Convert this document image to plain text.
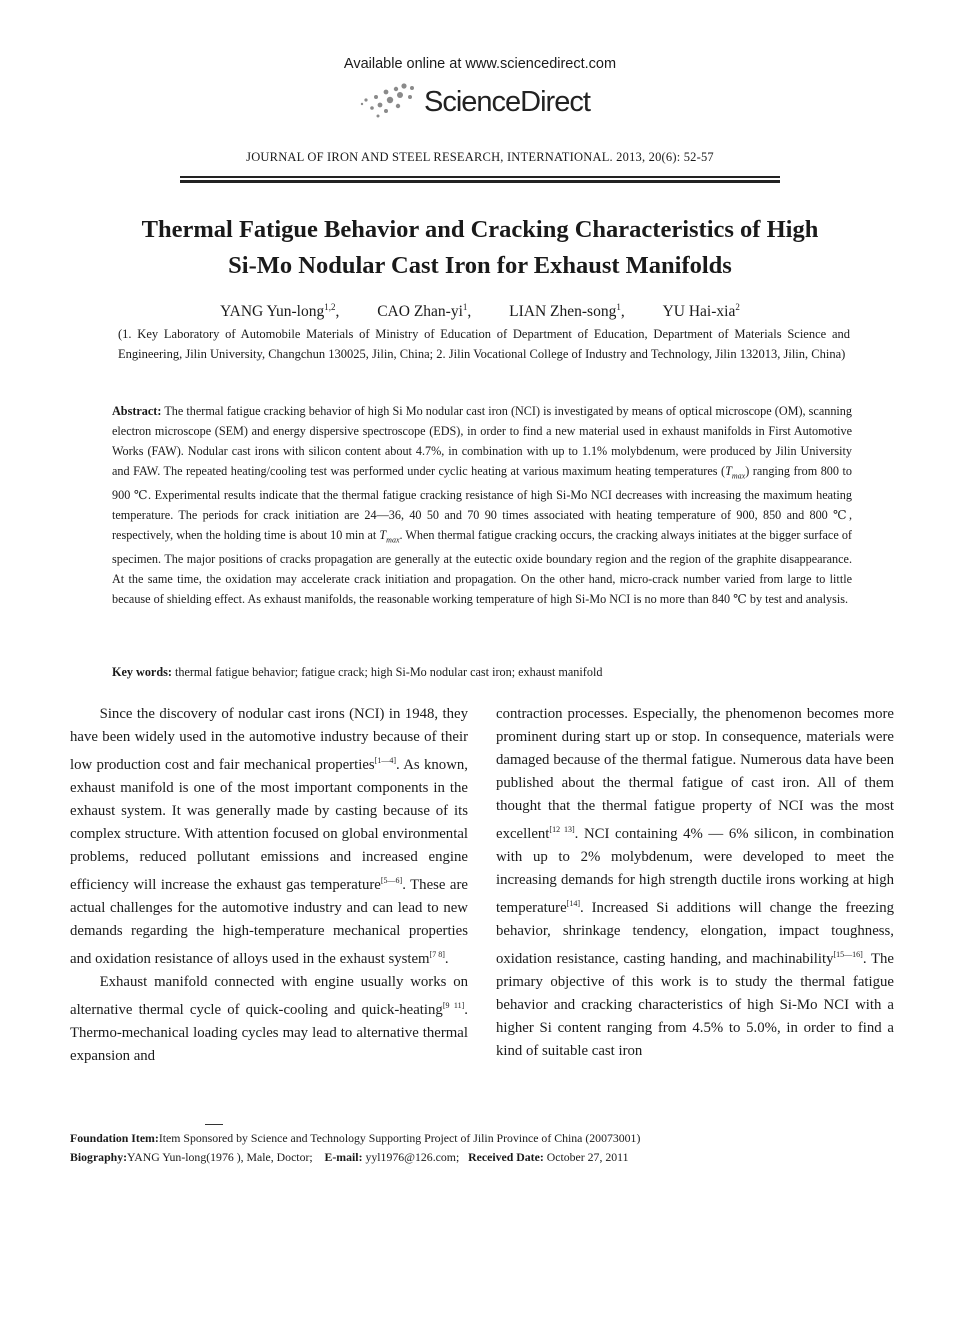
Available online at www.sciencedirect.com
ScienceDirect
JOURNAL OF IRON AND STEEL RESEARCH, INTERNATIONAL. 2013, 20(6): 52-57
Thermal Fatigue Behavior and Cracking Characteristics of High
Si-Mo Nodular Cast Iron for Exhaust Manifolds
YANG Yun-long$^{1,2}$, CAO Zhan-$yi^1$, LIAN Zhen-song$^1$, YU Hai-xia$^2$
(1. Key Laboratory of Automobile Materials of Ministry of Education of Department of Education, Department of Materials Science and Engineering, Jilin University, Changchun 130025, Jilin, China; 2. Jilin Vocational College of Industry and Technology, Jilin 132013, Jilin, China)
Abstract: The thermal fatigue cracking behavior of high Si Mo nodular cast iron (NCI) is investigated by means of optical microscope (OM), scanning electron microscope (SEM) and energy dispersive spectroscope (EDS), in order to find a new material used in exhaust manifolds in First Automotive Works (FAW). Nodular cast irons with silicon content about 4.7%, in combination with up to 1.1% molybdenum, were produced by Jilin University and FAW. The repeated heating/cooling test was performed under cyclic heating at various maximum heating temperatures $(T_{max})$ ranging from 800 to 900 ℃. Experimental results indicate that the thermal fatigue cracking resistance of high Si-Mo NCI decreases with increasing the maximum heating temperature. The periods for crack initiation are 24—36, 40 50 and 70 90 times associated with heating temperature of 900, 850 and 800 ℃, respectively, when the holding time is about 10 min at $T_{max}$. When thermal fatigue cracking occurs, the cracking always initiates at the bigger surface of specimen. The major positions of cracks propagation are generally at the eutectic oxide boundary region and the region of the graphite disappearance. At the same time, the oxidation may accelerate crack initiation and propagation. On the other hand, micro-crack number varied from large to little because of shielding effect. As exhaust manifolds, the reasonable working temperature of high Si-Mo NCI is no more than 840 ℃ by test and analysis.
Key words: thermal fatigue behavior; fatigue crack; high Si-Mo nodular cast iron; exhaust manifold

Since the discovery of nodular cast irons (NCI) in 1948, they have been widely used in the automotive industry because of their low production cost and fair mechanical properties[1—4]. As known, exhaust manifold is one of the most important components in the exhaust system. It was generally made by casting because of its complex structure. With attention focused on global environmental problems, reduced pollutant emissions and increased engine efficiency will increase the exhaust gas temperature[5—6]. These are actual challenges for the automotive industry and can lead to new demands regarding the high-temperature mechanical properties and oxidation resistance of alloys used in the exhaust system[7 8].

Exhaust manifold connected with engine usually works on alternative thermal cycle of quick-cooling and quick-heating[9 11]. Thermo-mechanical loading cycles may lead to alternative thermal expansion and

contraction processes. Especially, the phenomenon becomes more prominent during start up or stop. In consequence, materials were damaged because of the thermal fatigue. Numerous data have been published about the thermal fatigue of cast iron. All of them thought that the thermal fatigue property of NCI was the most excellent[12 13]. NCI containing 4% — 6% silicon, in combination with up to 2% molybdenum, were developed to meet the increasing demands for high strength ductile irons working at high temperature[14]. Increased Si additions will change the freezing behavior, shrinkage tendency, elongation, impact toughness, oxidation resistance, casting handing, and machinability[15—16]. The primary objective of this work is to study the thermal fatigue behavior and cracking characteristics of high Si-Mo NCI with a higher Si content ranging from 4.5% to 5.0%, in order to find a kind of suitable cast iron

Foundation Item:Item Sponsored by Science and Technology Supporting Project of Jilin Province of China (20073001)
Biography:YANG Yun-long(1976 ), Male, Doctor; E-mail: yyl1976@126.com; Received Date: October 27, 2011
